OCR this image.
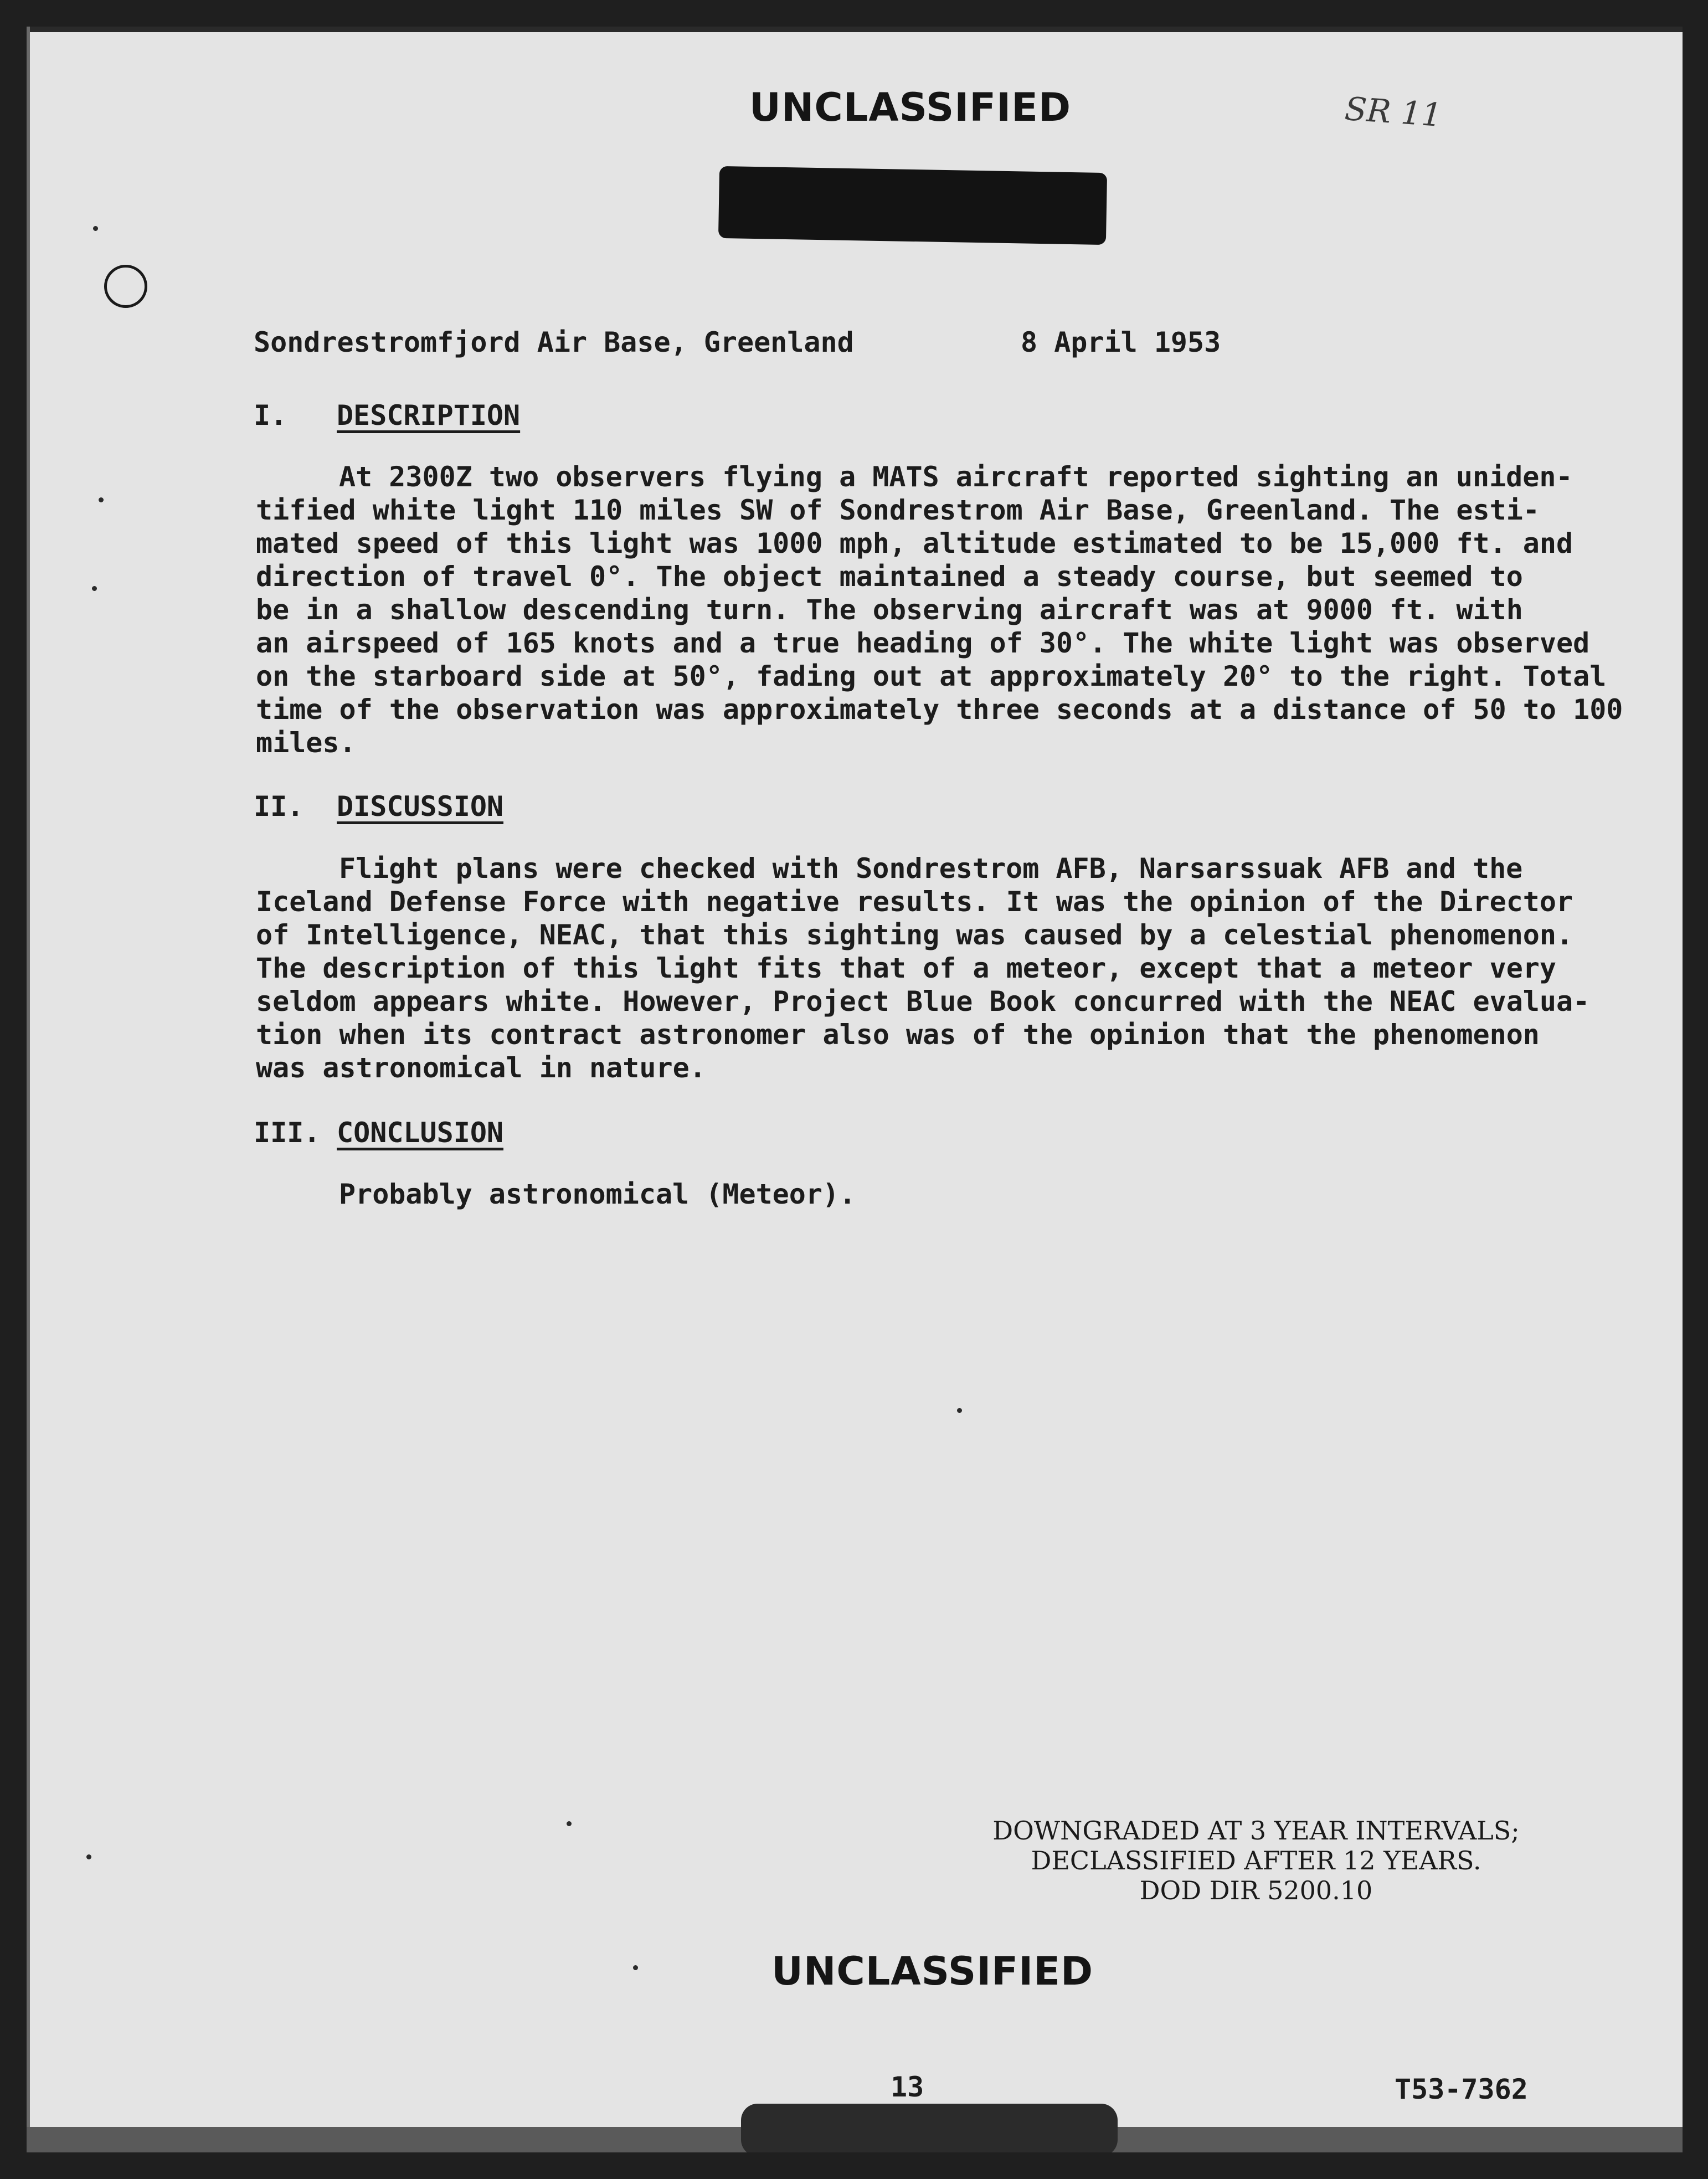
UNCLASSIFIED	SR 11
Sondrestromfjord Air Base, Greenland	8 April 1953
I. DESCRIPTION
At 2300Z two observers flying a MATS aircraft reported sighting an uniden-
tified white light 110 miles SW of Sondrestrom Air Base, Greenland. The esti-
mated speed of this light was 1000 mph, altitude estimated to be 15,000 ft. and
direction of travel 0°. The object maintained a steady course, but seemed to
be in a shallow descending turn. The observing aircraft was at 9000 ft. with
an airspeed of 165 knots and a true heading of 30°. The white light was observed
on the starboard side at 50°, fading out at approximately 20° to the right. Total
time of the observation was approximately three seconds at a distance of 50 to 100
miles.
II. DISCUSSION
Flight plans were checked with Sondrestrom AFB, Narsarssuak AFB and the
Iceland Defense Force with negative results. It was the opinion of the Director
of Intelligence, NEAC, that this sighting was caused by a celestial phenomenon.
The description of this light fits that of a meteor, except that a meteor very
seldom appears white. However, Project Blue Book concurred with the NEAC evalua-
tion when its contract astronomer also was of the opinion that the phenomenon
was astronomical in nature.
III. CONCLUSION
Probably astronomical (Meteor).
DOWNGRADED AT 3 YEAR INTERVALS;
DECLASSIFIED AFTER 12 YEARS.
DOD DIR 5200.10
UNCLASSIFIED
13	T53-7362
